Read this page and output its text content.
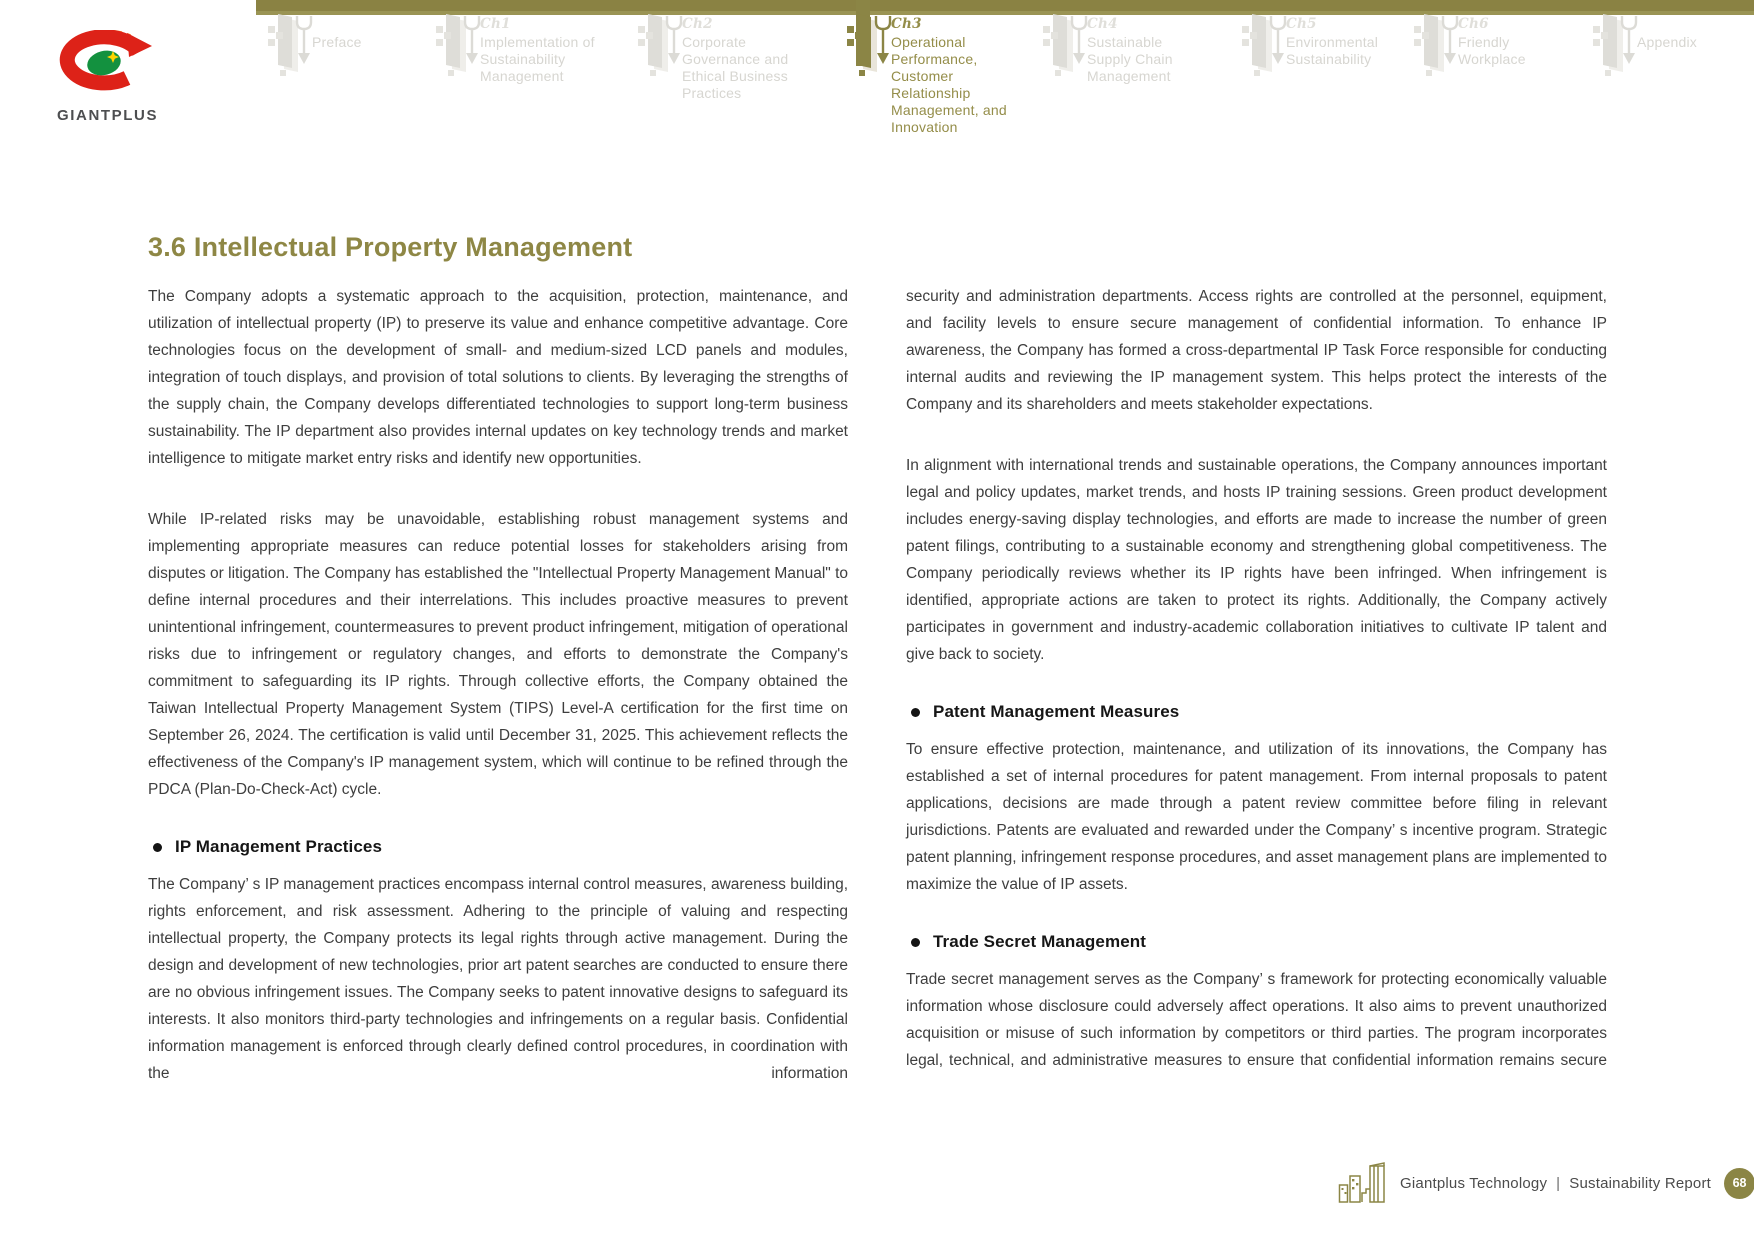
GIANTPLUS
Preface
Ch1
Implementation of Sustainability Management
Ch2
Corporate Governance and Ethical Business Practices
Ch3
Operational Performance, Customer Relationship Management, and Innovation
Ch4
Sustainable Supply Chain Management
Ch5
Environmental Sustainability
Ch6
Friendly Workplace
Appendix
3.6 Intellectual Property Management

The Company adopts a systematic approach to the acquisition, protection, maintenance, and utilization of intellectual property (IP) to preserve its value and enhance competitive advantage. Core technologies focus on the development of small- and medium-sized LCD panels and modules, integration of touch displays, and provision of total solutions to clients. By leveraging the strengths of the supply chain, the Company develops differentiated technologies to support long-term business sustainability. The IP department also provides internal updates on key technology trends and market intelligence to mitigate market entry risks and identify new opportunities.

While IP-related risks may be unavoidable, establishing robust management systems and implementing appropriate measures can reduce potential losses for stakeholders arising from disputes or litigation. The Company has established the "Intellectual Property Management Manual" to define internal procedures and their interrelations. This includes proactive measures to prevent unintentional infringement, countermeasures to prevent product infringement, mitigation of operational risks due to infringement or regulatory changes, and efforts to demonstrate the Company's commitment to safeguarding its IP rights. Through collective efforts, the Company obtained the Taiwan Intellectual Property Management System (TIPS) Level-A certification for the first time on September 26, 2024. The certification is valid until December 31, 2025. This achievement reflects the effectiveness of the Company's IP management system, which will continue to be refined through the PDCA (Plan-Do-Check-Act) cycle.

IP Management Practices

The Company’ s IP management practices encompass internal control measures, awareness building, rights enforcement, and risk assessment. Adhering to the principle of valuing and respecting intellectual property, the Company protects its legal rights through active management. During the design and development of new technologies, prior art patent searches are conducted to ensure there are no obvious infringement issues. The Company seeks to patent innovative designs to safeguard its interests. It also monitors third-party technologies and infringements on a regular basis. Confidential information management is enforced through clearly defined control procedures, in coordination with the information

security and administration departments. Access rights are controlled at the personnel, equipment, and facility levels to ensure secure management of confidential information. To enhance IP awareness, the Company has formed a cross-departmental IP Task Force responsible for conducting internal audits and reviewing the IP management system. This helps protect the interests of the Company and its shareholders and meets stakeholder expectations.

In alignment with international trends and sustainable operations, the Company announces important legal and policy updates, market trends, and hosts IP training sessions. Green product development includes energy-saving display technologies, and efforts are made to increase the number of green patent filings, contributing to a sustainable economy and strengthening global competitiveness. The Company periodically reviews whether its IP rights have been infringed. When infringement is identified, appropriate actions are taken to protect its rights. Additionally, the Company actively participates in government and industry-academic collaboration initiatives to cultivate IP talent and give back to society.

Patent Management Measures

To ensure effective protection, maintenance, and utilization of its innovations, the Company has established a set of internal procedures for patent management. From internal proposals to patent applications, decisions are made through a patent review committee before filing in relevant jurisdictions. Patents are evaluated and rewarded under the Company’ s incentive program. Strategic patent planning, infringement response procedures, and asset management plans are implemented to maximize the value of IP assets.

Trade Secret Management

Trade secret management serves as the Company’ s framework for protecting economically valuable information whose disclosure could adversely affect operations. It also aims to prevent unauthorized acquisition or misuse of such information by competitors or third parties. The program incorporates legal, technical, and administrative measures to ensure that confidential information remains secure

Giantplus Technology | Sustainability Report	68
